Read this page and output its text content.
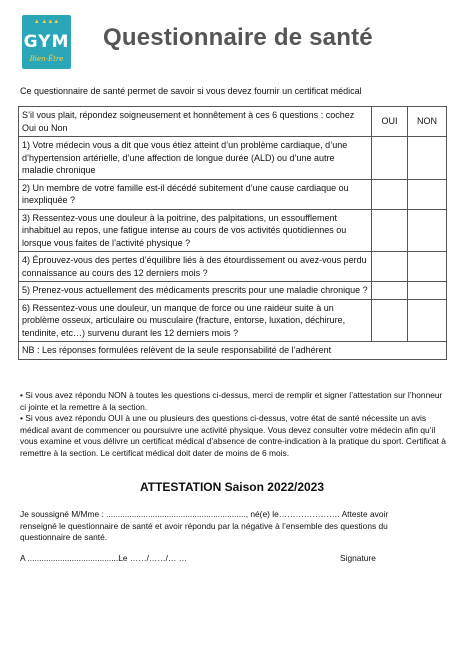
▲ ▲▲▲
GYM
Bien-Être
Questionnaire de santé
Ce questionnaire de santé permet de savoir si vous devez fournir un certificat médical
S’il vous plait, répondez soigneusement et honnêtement à ces 6 questions : cochez Oui ou Non	OUI	NON
1) Votre médecin vous a dit que vous étiez atteint d’un problème cardiaque, d’une d’hypertension artérielle, d’une affection de longue durée (ALD) ou d’une autre maladie chronique		
2) Un membre de votre famille est-il décédé subitement d’une cause cardiaque ou inexpliquée ?		
3) Ressentez-vous une douleur à la poitrine, des palpitations, un essoufflement inhabituel au repos, une fatigue intense au cours de vos activités quotidiennes ou lorsque vous faites de l’activité physique ?		
4) Éprouvez-vous des pertes d’équilibre liés à des étourdissement ou avez-vous perdu connaissance au cours des 12 derniers mois ?		
5) Prenez-vous actuellement des médicaments prescrits pour une maladie chronique ?		
6) Ressentez-vous une douleur, un manque de force ou une raideur suite à un problème osseux, articulaire ou musculaire (fracture, entorse, luxation, déchirure, tendinite, etc…) survenu durant les 12 derniers mois ?		
NB : Les réponses formulées relèvent de la seule responsabilité de l’adhérent		

• Si vous avez répondu NON à toutes les questions ci-dessus, merci de remplir et signer l’attestation sur l’honneur ci jointe et la remettre à la section.

• Si vous avez répondu OUI à une ou plusieurs des questions ci-dessus, votre état de santé nécessite un avis médical avant de commencer ou poursuivre une activité physique. Vous devez consulter votre médecin afin qu’il vous examine et vous délivre un certificat médical d’absence de contre-indication à la pratique du sport. Certificat à remettre à la section. Le certificat médical doit dater de moins de 6 mois.

ATTESTATION Saison 2022/2023
Je soussigné M/Mme : ............................................................, né(e) le…………………. Atteste avoir renseigné le questionnaire de santé et avoir répondu par la négative à l’ensemble des questions du questionnaire de santé.
A .......................................Le ……/……/… …	Signature
